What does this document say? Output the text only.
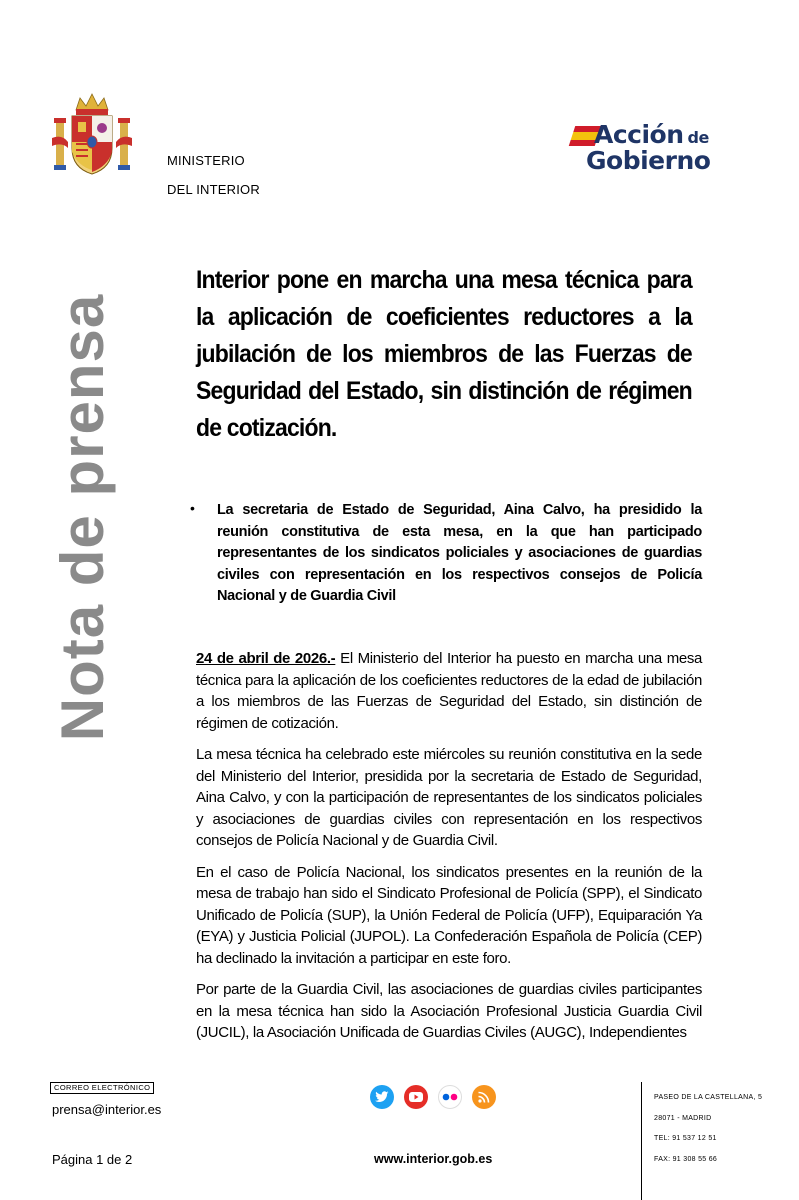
MINISTERIO
DEL INTERIOR
Acción de
Gobierno
Nota de prensa
Interior pone en marcha una mesa técnica para la aplicación de coeficientes reductores a la jubilación de los miembros de las Fuerzas de Seguridad del Estado, sin distinción de régimen de cotización.
• La secretaria de Estado de Seguridad, Aina Calvo, ha presidido la reunión constitutiva de esta mesa, en la que han participado representantes de los sindicatos policiales y asociaciones de guardias civiles con representación en los respectivos consejos de Policía Nacional y de Guardia Civil

24 de abril de 2026.- El Ministerio del Interior ha puesto en marcha una mesa técnica para la aplicación de los coeficientes reductores de la edad de jubilación a los miembros de las Fuerzas de Seguridad del Estado, sin distinción de régimen de cotización.

La mesa técnica ha celebrado este miércoles su reunión constitutiva en la sede del Ministerio del Interior, presidida por la secretaria de Estado de Seguridad, Aina Calvo, y con la participación de representantes de los sindicatos policiales y asociaciones de guardias civiles con representación en los respectivos consejos de Policía Nacional y de Guardia Civil.

En el caso de Policía Nacional, los sindicatos presentes en la reunión de la mesa de trabajo han sido el Sindicato Profesional de Policía (SPP), el Sindicato Unificado de Policía (SUP), la Unión Federal de Policía (UFP), Equiparación Ya (EYA) y Justicia Policial (JUPOL). La Confederación Española de Policía (CEP) ha declinado la invitación a participar en este foro.

Por parte de la Guardia Civil, las asociaciones de guardias civiles participantes en la mesa técnica han sido la Asociación Profesional Justicia Guardia Civil (JUCIL), la Asociación Unificada de Guardias Civiles (AUGC), Independientes

CORREO ELECTRÓNICO
prensa@interior.es
Página 1 de 2	www.interior.gob.es
PASEO DE LA CASTELLANA, 5
28071 - MADRID
TEL: 91 537 12 51
FAX: 91 308 55 66
